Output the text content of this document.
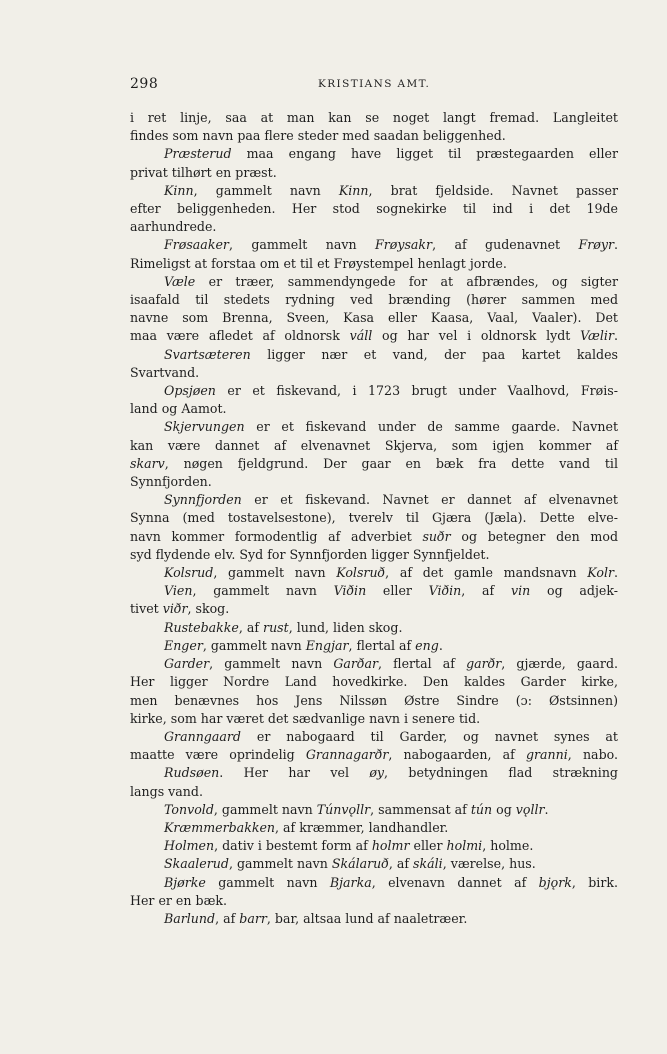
298	KRISTIANS AMT.
i ret linje, saa at man kan se noget langt fremad. Langleitet
findes som navn paa flere steder med saadan beliggenhed.
Præsterud maa engang have ligget til præstegaarden eller
privat tilhørt en præst.
Kinn, gammelt navn Kinn, brat fjeldside. Navnet passer
efter beliggenheden. Her stod sognekirke til ind i det 19de
aarhundrede.
Frøsaaker, gammelt navn Frøysakr, af gudenavnet Frøyr.
Rimeligst at forstaa om et til et Frøystempel henlagt jorde.
Væle er træer, sammendyngede for at afbrændes, og sigter
isaafald til stedets rydning ved brænding (hører sammen med
navne som Brenna, Sveen, Kasa eller Kaasa, Vaal, Vaaler). Det
maa være afledet af oldnorsk váll og har vel i oldnorsk lydt Vælir.
Svartsæteren ligger nær et vand, der paa kartet kaldes
Svartvand.
Opsjøen er et fiskevand, i 1723 brugt under Vaalhovd, Frøis-
land og Aamot.
Skjervungen er et fiskevand under de samme gaarde. Navnet
kan være dannet af elvenavnet Skjerva, som igjen kommer af
skarv, nøgen fjeldgrund. Der gaar en bæk fra dette vand til
Synnfjorden.
Synnfjorden er et fiskevand. Navnet er dannet af elvenavnet
Synna (med tostavelsestone), tverelv til Gjæra (Jæla). Dette elve-
navn kommer formodentlig af adverbiet suðr og betegner den mod
syd flydende elv. Syd for Synnfjorden ligger Synnfjeldet.
Kolsrud, gammelt navn Kolsruð, af det gamle mandsnavn Kolr.
Vien, gammelt navn Viðin eller Viðin, af vin og adjek-
tivet viðr, skog.
Rustebakke, af rust, lund, liden skog.
Enger, gammelt navn Engjar, flertal af eng.
Garder, gammelt navn Garðar, flertal af garðr, gjærde, gaard.
Her ligger Nordre Land hovedkirke. Den kaldes Garder kirke,
men benævnes hos Jens Nilssøn Østre Sindre (ɔ: Østsinnen)
kirke, som har været det sædvanlige navn i senere tid.
Granngaard er nabogaard til Garder, og navnet synes at
maatte være oprindelig Grannagarðr, nabogaarden, af granni, nabo.
Rudsøen. Her har vel øy, betydningen flad strækning
langs vand.
Tonvold, gammelt navn Túnvǫllr, sammensat af tún og vǫllr.
Kræmmerbakken, af kræmmer, landhandler.
Holmen, dativ i bestemt form af holmr eller holmi, holme.
Skaalerud, gammelt navn Skálaruð, af skáli, værelse, hus.
Bjørke gammelt navn Bjarka, elvenavn dannet af bjǫrk, birk.
Her er en bæk.
Barlund, af barr, bar, altsaa lund af naaletræer.
